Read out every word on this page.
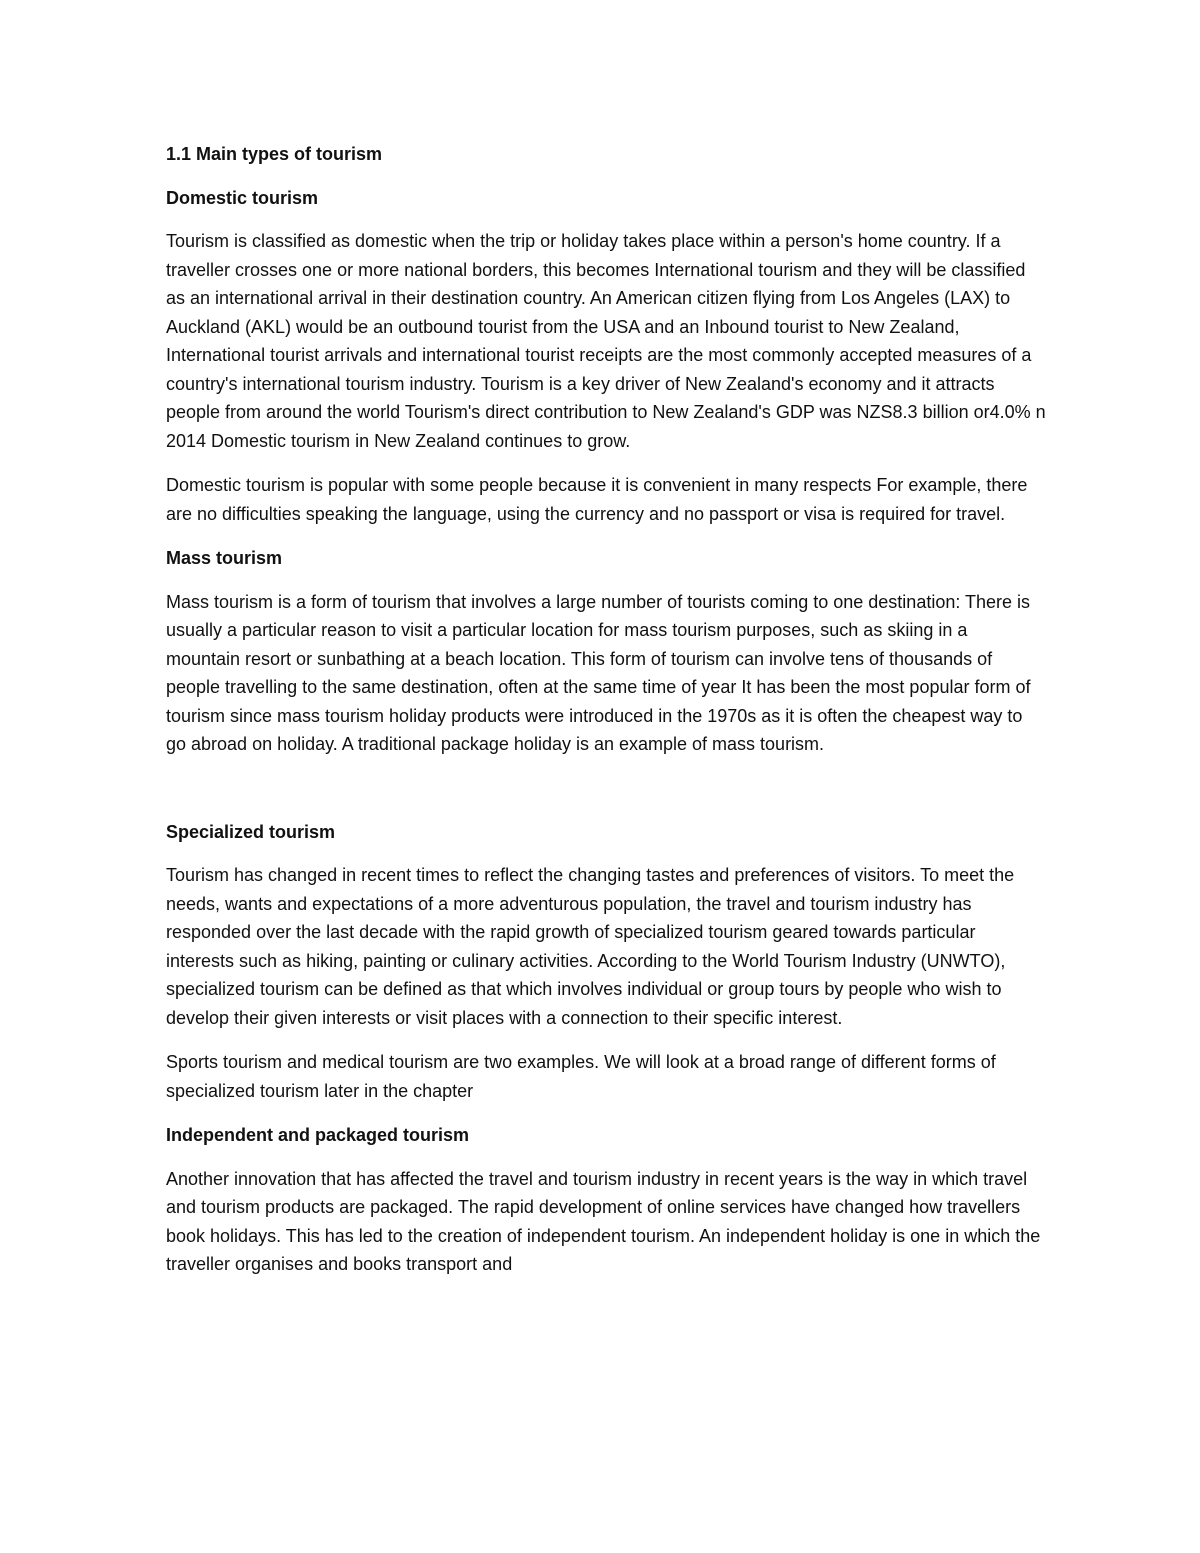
1.1 Main types of tourism
Domestic tourism

Tourism is classified as domestic when the trip or holiday takes place within a person's home country. If a traveller crosses one or more national borders, this becomes International tourism and they will be classified as an international arrival in their destination country. An American citizen flying from Los Angeles (LAX) to Auckland (AKL) would be an outbound tourist from the USA and an Inbound tourist to New Zealand, International tourist arrivals and international tourist receipts are the most commonly accepted measures of a country's international tourism industry. Tourism is a key driver of New Zealand's economy and it attracts people from around the world Tourism's direct contribution to New Zealand's GDP was NZS8.3 billion or4.0% n 2014 Domestic tourism in New Zealand continues to grow.

Domestic tourism is popular with some people because it is convenient in many respects For example, there are no difficulties speaking the language, using the currency and no passport or visa is required for travel.

Mass tourism

Mass tourism is a form of tourism that involves a large number of tourists coming to one destination: There is usually a particular reason to visit a particular location for mass tourism purposes, such as skiing in a mountain resort or sunbathing at a beach location. This form of tourism can involve tens of thousands of people travelling to the same destination, often at the same time of year It has been the most popular form of tourism since mass tourism holiday products were introduced in the 1970s as it is often the cheapest way to go abroad on holiday. A traditional package holiday is an example of mass tourism.

Specialized tourism

Tourism has changed in recent times to reflect the changing tastes and preferences of visitors. To meet the needs, wants and expectations of a more adventurous population, the travel and tourism industry has responded over the last decade with the rapid growth of specialized tourism geared towards particular interests such as hiking, painting or culinary activities. According to the World Tourism Industry (UNWTO), specialized tourism can be defined as that which involves individual or group tours by people who wish to develop their given interests or visit places with a connection to their specific interest.

Sports tourism and medical tourism are two examples. We will look at a broad range of different forms of specialized tourism later in the chapter

Independent and packaged tourism

Another innovation that has affected the travel and tourism industry in recent years is the way in which travel and tourism products are packaged. The rapid development of online services have changed how travellers book holidays. This has led to the creation of independent tourism. An independent holiday is one in which the traveller organises and books transport and
